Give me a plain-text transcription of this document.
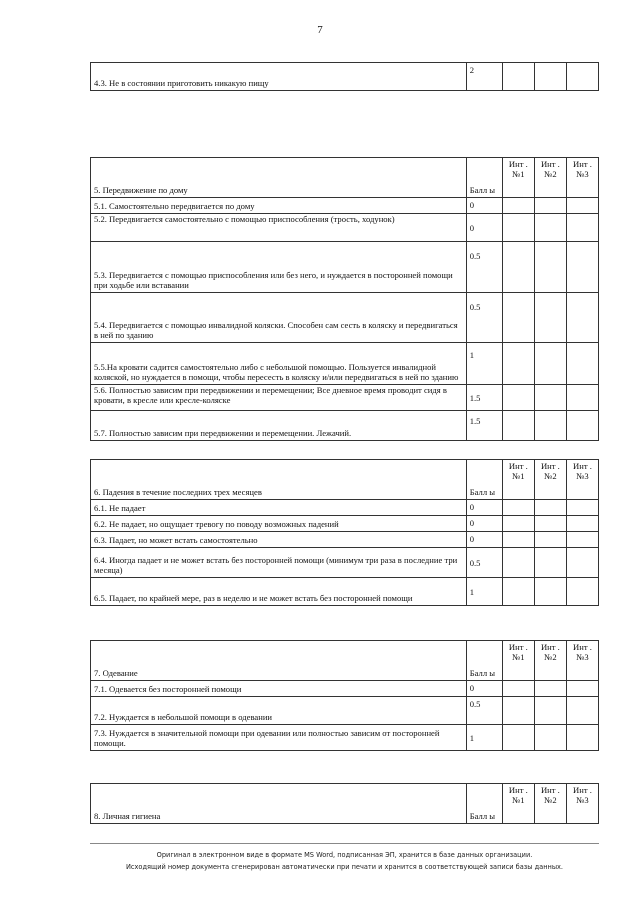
7
4.3. Не в состоянии приготовить никакую пищу	2			
5. Передвижение по дому	Балл ы	Инт . №1	Инт . №2	Инт . №3
5.1. Самостоятельно передвигается по дому	0			
5.2. Передвигается самостоятельно с помощью приспособления (трость, ходунок)	0			
5.3. Передвигается с помощью приспособления или без него, и нуждается в посторонней помощи при ходьбе или вставании	0.5			
5.4. Передвигается с помощью инвалидной коляски. Способен сам сесть в коляску и передвигаться в ней по зданию	0.5			
5.5.На кровати садится самостоятельно либо с небольшой помощью. Пользуется инвалидной коляской, но нуждается в помощи, чтобы пересесть в коляску и/или передвигаться в ней по зданию	1			
5.6. Полностью зависим при передвижении и перемещении; Все дневное время проводит сидя в кровати, в кресле или кресле-коляске	1.5			
5.7. Полностью зависим при передвижении и перемещении. Лежачий.	1.5			
6. Падения в течение последних трех месяцев	Балл ы	Инт . №1	Инт . №2	Инт . №3
6.1. Не падает	0			
6.2. Не падает, но ощущает тревогу по поводу возможных падений	0			
6.3. Падает, но может встать самостоятельно	0			
6.4. Иногда падает и не может встать без посторонней помощи (минимум три раза в последние три месяца)	0.5			
6.5. Падает, по крайней мере, раз в неделю и не может встать без посторонней помощи	1			
7. Одевание	Балл ы	Инт . №1	Инт . №2	Инт . №3
7.1. Одевается без посторонней помощи	0			
7.2. Нуждается в небольшой помощи в одевании	0.5			
7.3. Нуждается в значительной помощи при одевании или полностью зависим от посторонней помощи.	1			
8. Личная гигиена	Балл ы	Инт . №1	Инт . №2	Инт . №3
Оригинал в электронном виде в формате MS Word, подписанная ЭП, хранится в базе данных организации.
Исходящий номер документа сгенерирован автоматически при печати и хранится в соответствующей записи базы данных.
